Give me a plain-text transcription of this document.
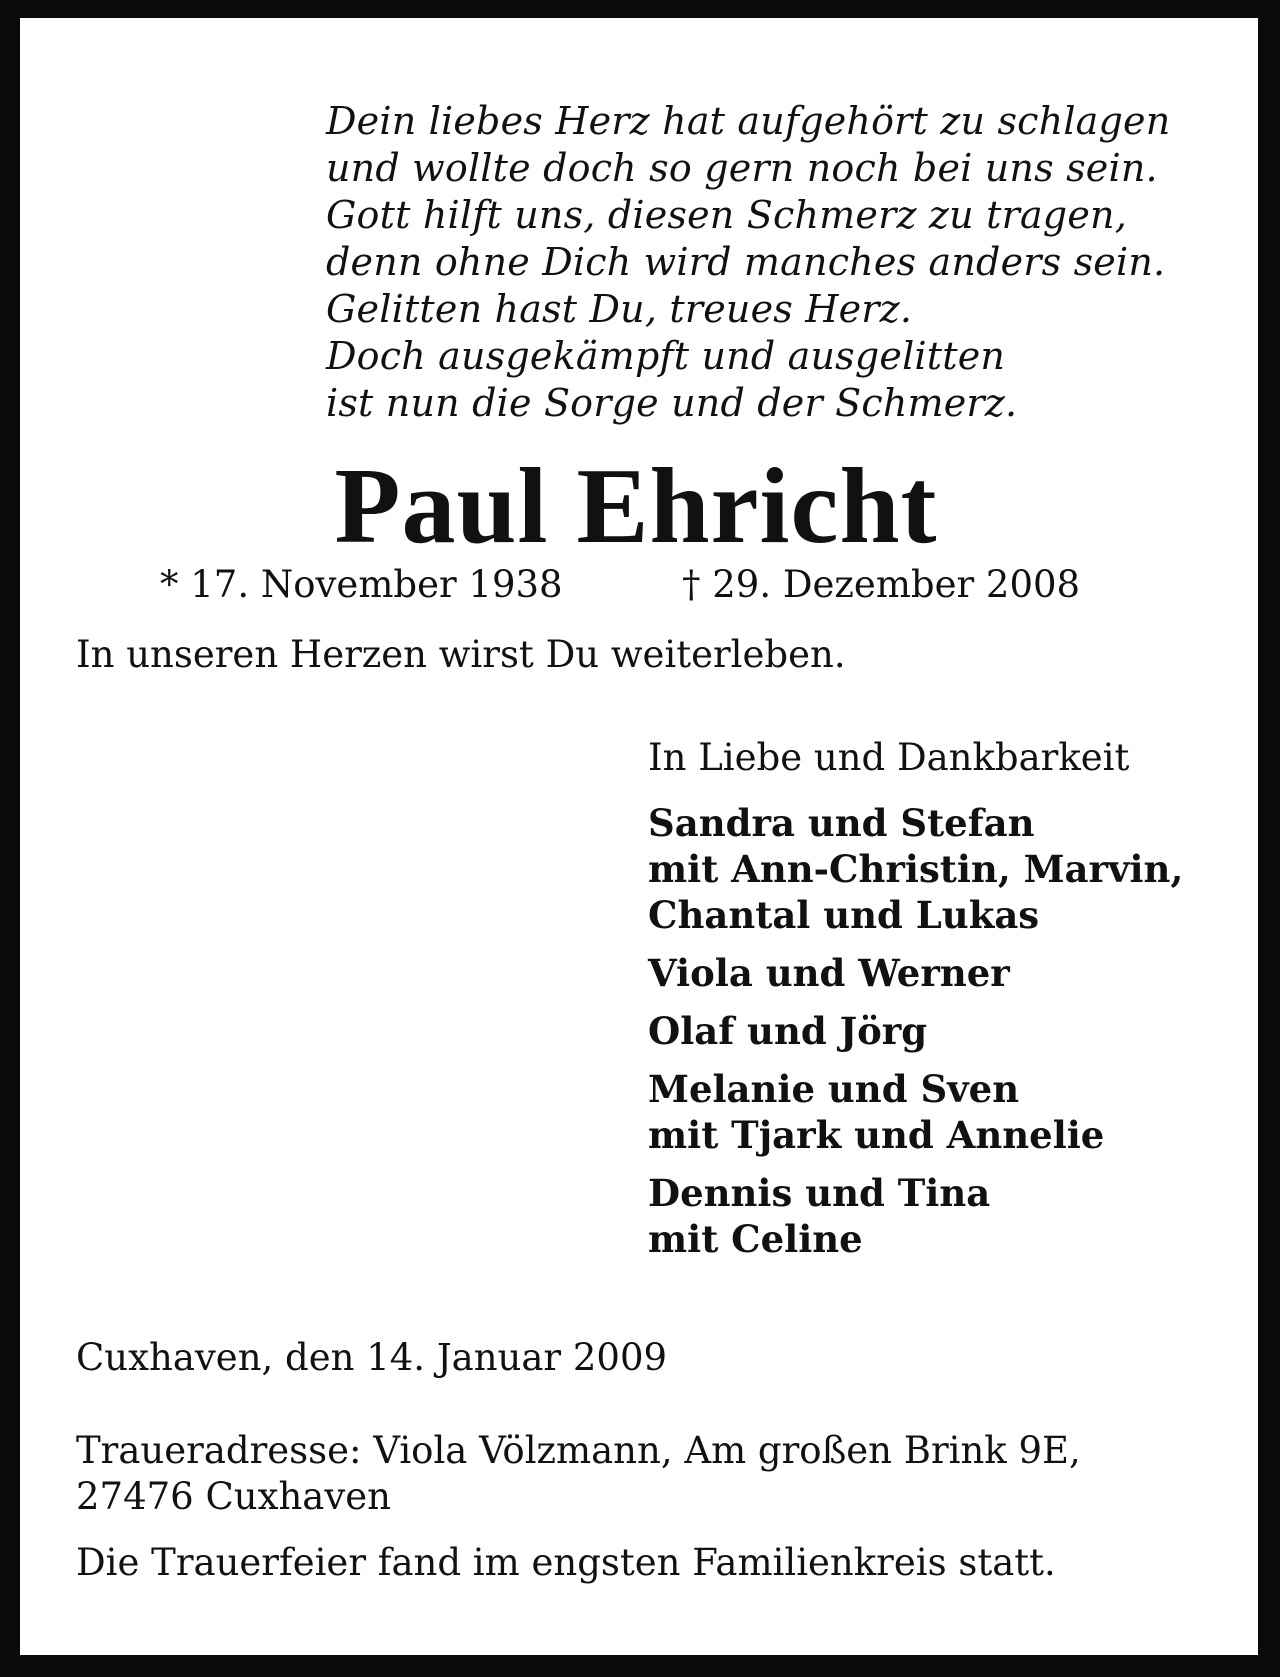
Dein liebes Herz hat aufgehört zu schlagen
und wollte doch so gern noch bei uns sein.
Gott hilft uns, diesen Schmerz zu tragen,
denn ohne Dich wird manches anders sein.
Gelitten hast Du, treues Herz.
Doch ausgekämpft und ausgelitten
ist nun die Sorge und der Schmerz.
Paul Ehricht
* 17. November 1938	† 29. Dezember 2008
In unseren Herzen wirst Du weiterleben.
In Liebe und Dankbarkeit
Sandra und Stefan
mit Ann-Christin, Marvin,
Chantal und Lukas
Viola und Werner
Olaf und Jörg
Melanie und Sven
mit Tjark und Annelie
Dennis und Tina
mit Celine
Cuxhaven, den 14. Januar 2009
Traueradresse: Viola Völzmann, Am großen Brink 9E,
27476 Cuxhaven
Die Trauerfeier fand im engsten Familienkreis statt.
